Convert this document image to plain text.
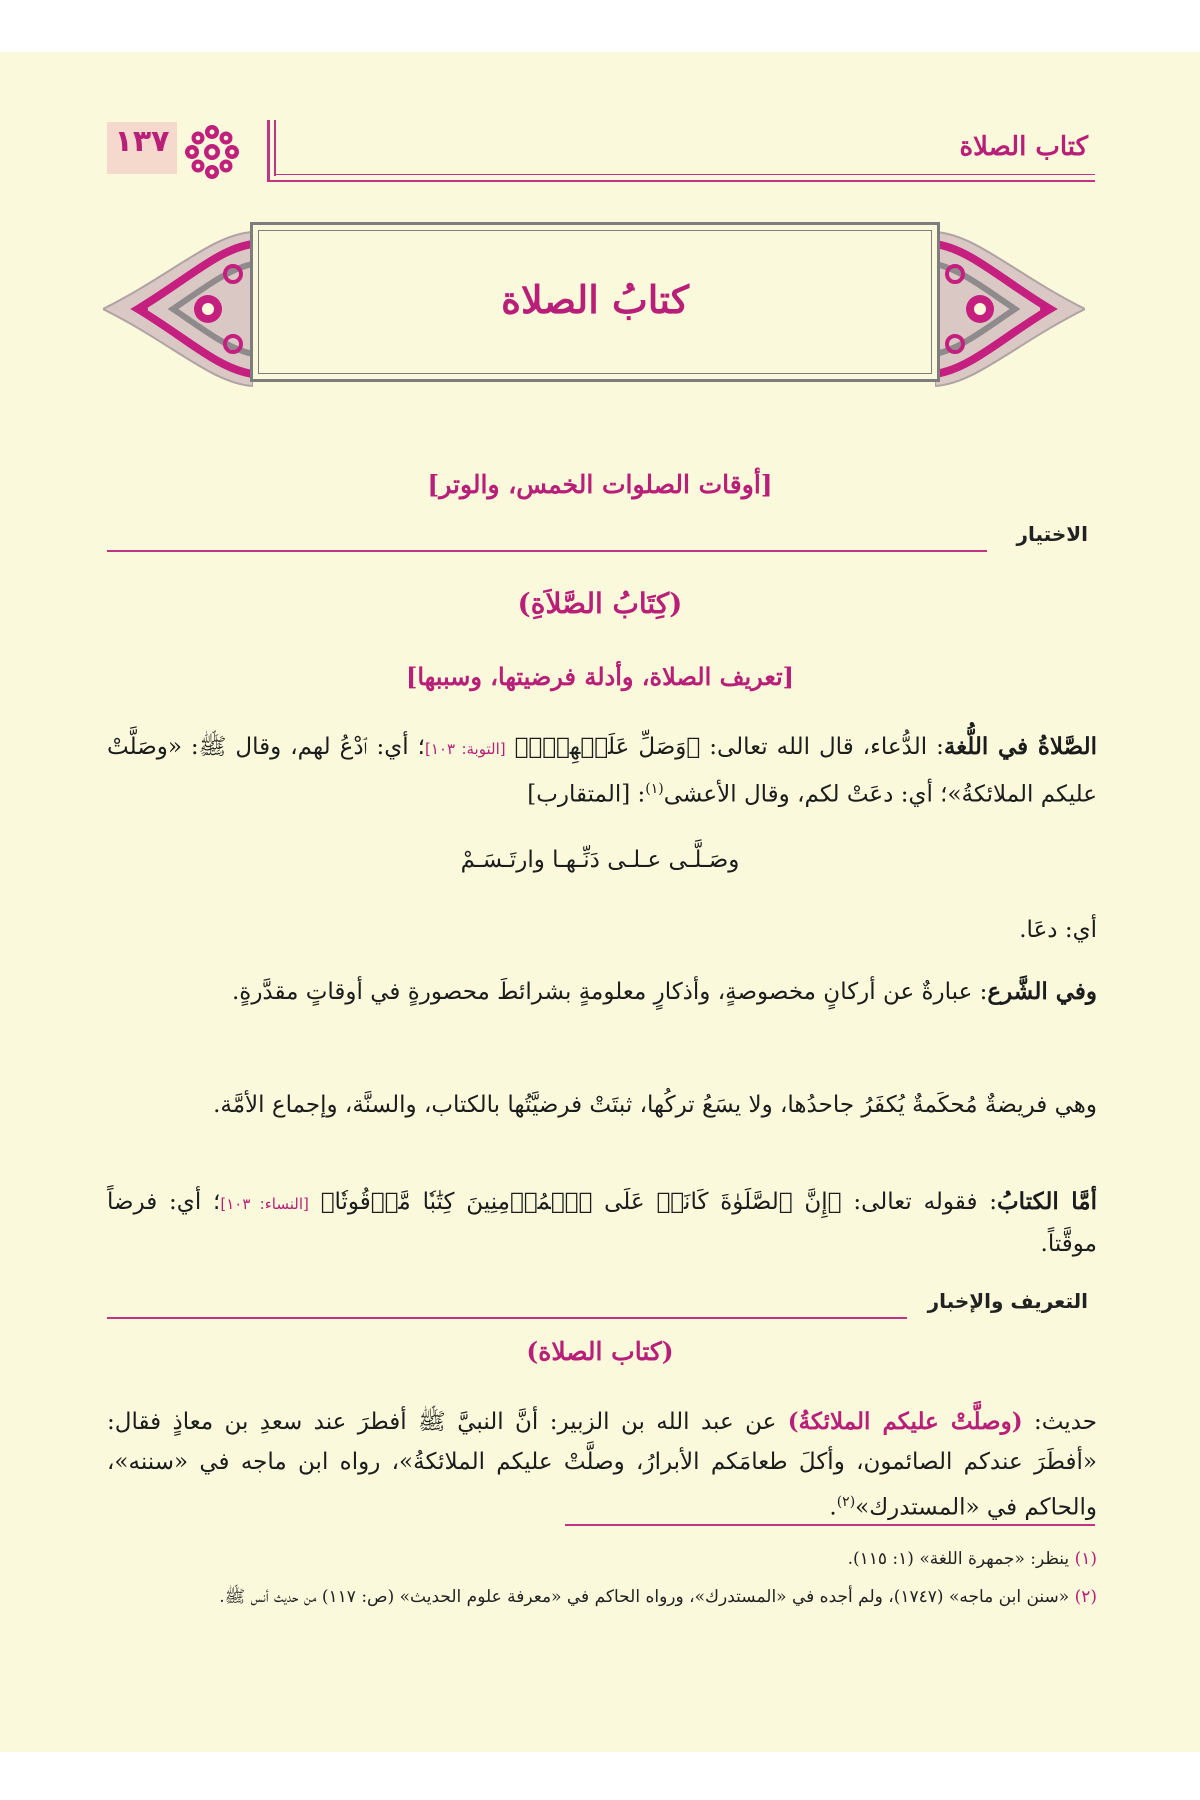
١٣٧	كتاب الصلاة
كتابُ الصلاة
[أوقات الصلوات الخمس، والوتر]
الاختيار
(كِتَابُ الصَّلاَةِ)
[تعريف الصلاة، وأدلة فرضيتها، وسببها]
الصَّلاةُ في اللُّغة: الدُّعاء، قال الله تعالى: ﴿وَصَلِّ عَلَيۡهِمۡۖ﴾ [التوبة: ١٠٣]؛ أي: ٱدْعُ لهم، وقال ﷺ: «وصَلَّتْ عليكم الملائكةُ»؛ أي: دعَتْ لكم، وقال الأعشى$^{(١)}$: [المتقارب]
وصَـلَّـى عـلـى دَنِّـهـا وارتَـسَـمْ
أي: دعَا.
وفي الشَّرع: عبارةٌ عن أركانٍ مخصوصةٍ، وأذكارٍ معلومةٍ بشرائطَ محصورةٍ في أوقاتٍ مقدَّرةٍ.
وهي فريضةٌ مُحكَمةٌ يُكفَرُ جاحدُها، ولا يسَعُ تركُها، ثبتَتْ فرضيَّتُها بالكتاب، والسنَّة، وإجماع الأمَّة.
أمَّا الكتابُ: فقوله تعالى: ﴿إِنَّ ٱلصَّلَوٰةَ كَانَتۡ عَلَى ٱلۡمُؤۡمِنِينَ كِتَٰبٗا مَّوۡقُوتٗا﴾ [النساء: ١٠٣]؛ أي: فرضاً موقَّتاً.
التعريف والإخبار
(كتاب الصلاة)
حديث: (وصلَّتْ عليكم الملائكةُ) عن عبد الله بن الزبير: أنَّ النبيَّ ﷺ أفطرَ عند سعدِ بن معاذٍ فقال: «أفطَرَ عندكم الصائمون، وأكلَ طعامَكم الأبرارُ، وصلَّتْ عليكم الملائكةُ»، رواه ابن ماجه في «سننه»، والحاكم في «المستدرك»$^{(٢)}$.
(١) ينظر: «جمهرة اللغة» (١: ١١٥).
(٢) «سنن ابن ماجه» (١٧٤٧)، ولم أجده في «المستدرك»، ورواه الحاكم في «معرفة علوم الحديث» (ص: ١١٧) من حديث أنس ﷺ.
